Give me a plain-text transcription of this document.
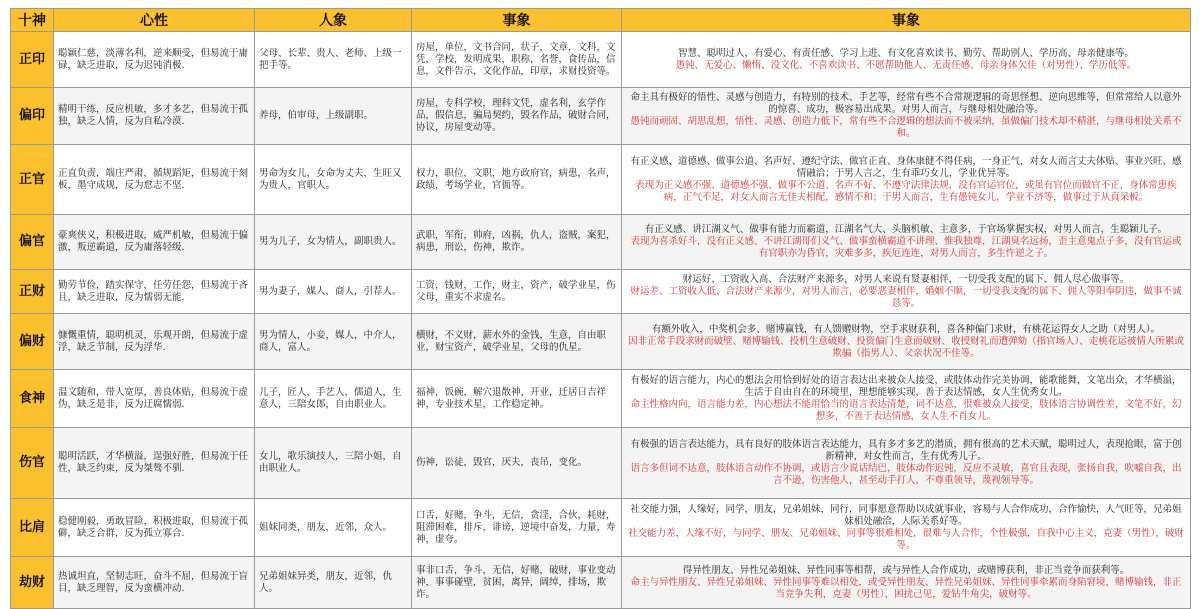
十神	心性	人象	事象	事象
正印	聪颖仁慈，淡薄名利，逆来顺受，但易流于庸碌，缺乏进取，反为迟钝消极.	父母、长辈、贵人、老师、上级一把手等。	房屋，单位，文书合同，状子，文章，文科，文凭，学校，发明成果，职称，名誉，食传品，信息，文件告示，文化作品，印章，求财投资等。	智慧、聪明过人，有爱心、有责任感、学习上进、有文化喜欢读书、勤劳、帮助别人、学历高、母亲健康等。
愚钝、无爱心、懒惰、没文化、不喜欢读书、不愿帮助他人、无责任感、母亲身体欠佳（对男性）、学历低等。

偏印	精明干练，反应机敏，多才多艺，但易流于孤独，缺乏人情，反为自私冷漠.	养母，伯审母，上级副职。	房屋，专科学校，理科文凭，虚名利，玄学作品，假信息，骗局契约，毁名作品，破财合同，协议，房屋变动等。	命主具有极好的悟性、灵感与创造力，有特别的技术、手艺等，经常有些不合常规逻辑的奇思怪想、逆向思维等，但常常给人以意外的惊喜、成功，极容易出成果。对男人而言，与继母相处融洽等。
愚钝而顽固、胡思乱想，悟性、灵感、创造力低下，常有些不合逻辑的想法而不被采纳，虽做偏门技术却不精湛，与继母相处关系不和。

正官	正直负责，端庄严肃，循规蹈矩，但易流于刻板，墨守成规，反为怠志不坚.	男命为女儿，女命为丈夫，生旺又为贵人，官职人。	权力，职位，文职，地方政府官，病患，名声，政绩，考场学业，官衙等。	有正义感、道德感、做事公道、名声好、遵纪守法、做官正直、身体康健不得任病，一身正气，对女人而言丈夫体贴、事业兴旺、感情融洽；于男人言之，生有乖巧女儿，学业优异等。
表现为正义感不强、道德感不强、做事不公道、名声不好、不遵守法律法规，没有官运官位，或虽有官位而做官不正，身体常患疾病，正气不足，对女人而言无佳夫相配，感情不和；于男人而言，生有愚钝女儿，学业不济等，做事过于从真呆板。

偏官	豪爽侠义，积极进取，威严机敏，但易流于偏激，叛逆霸道，反为庸落轻级.	男为儿子，女为情人，副职贵人。	武职，军衔，帅府，凶祸，仇人，盗贼，案犯，病患，刑讼，伤神，欺诈。	有正义感、讲江湖义气、做事有能力而霸道，江湖名气大、头脑机敏、主意多，于官场掌握实权，对男人而言，生聪颖儿子。
表现为喜杀好斗，没有正义感、不讲江湖哥们义气、做事蛮横霸道不讲理、惟我独尊，江湖臭名远扬，歪主意鬼点子多，没有官运或有官职亦为昏官，灾难多多，疾厄连连，对男人而言，多生忤逆之子。

正财	勤劳节俭，踏实保守，任劳任怨，但易流于吝且，缺乏进取，反为懦弱无能.	男为妻子，媒人，商人，引荐人。	工资，钱财，工作，财主，资产，破学业星，伤父母，重实不求虚名。	财运好、工资收入高、合法财产来源多，对男人来说有贤妻相伴，一切受我支配的属下、佣人尽心做事等。
财运差、工资收入低、合法财产来源少，对男人而言，必要恶妻相伴，婚姻不顺，一切受我支配的属下、佣人等阳奉阴违，做事不诚恳等。

偏财	慷慨重情，聪明机灵，乐观开朗，但易流于虚浮，缺乏节制，反为浮华.	男为情人，小妾，媒人，中介人，商人，富人。	横财，不义财，薪水外的金钱，生意，自由职业，财宝资产，破学业星，父母的仇星。	有额外收入，中奖机会多、赌博赢钱，有人馈赠财物，空手求财获利，喜各种偏门求财，有桃花运得女人之助（对男人）。
因非正常手段求财而破壁、赌博输钱、投机生意破财、投资偏门生意而破财、收授财礼而遭弹劾（指官场人）、走桃花运被情人所累或欺骗（指男人）、父亲状况不佳等。

食神	温文随和，带人宽厚，善良体贴，但易流于虚伪，缺乏是非，反为迂腐懦弱.	儿子，匠人，手艺人，儒道人，生意人，三陪女郎，自由职业人。	福神，饭碗，解穴退散神，开业，迁居日吉祥神，专业技术星，工作稳定神。	有极好的语言能力，内心的想法会用恰到好处的语言表达出来被众人接受，或肢体动作完美协调，能歌能舞，文笔出众，才华横溢，生活于自由自在的环境里，理想能够实现，善于表达情感，女人生优秀女儿。
命主性格内向，语言能力差，内心想法不能用恰当的语言表达清楚，词不达意，很难被众人接受，肢体语言协调性差，文笔不好，幻想多，不善于表达情感，女人生不肖女儿。

伤官	聪明活跃，才华横溢，逞强好胜，但易流于任性，缺乏约束，反为桀骜不驯.	女儿，歌乐演技人，三陪小姐，自由职业人。	伤神，讼徒，毁官，厌夫，丧吊，变化。	有极强的语言表达能力，具有良好的肢体语言表达能力，具有多才多艺的潜质，拥有很高的艺术天赋，聪明过人，表现抢眼，富于创新精神，对女性而言，生有优秀儿子。
语言多但词不达意，肢体语言动作不协调，或语言少说话结巴，肢体动作迟钝，反应不灵敏，喜官且表现，张扬自我，吹嘘自我，出言不逊，伤害他人，甚至动手打人，不尊重领导，蔑视领导等。

比肩	稳健刚毅，勇敢冒险，积极进取，但易流于孤僻，缺乏合群，反为孤立寡合.	姐妹同类，朋友，近邻，众人。	口舌，好赌，争斗，无信，贪淫，合伙，耗财，阻滞困难，排斥，诽谤，逆境中奋发，力量，寿神，虚夸。	社交能力强，人缘好，同学，朋友，兄弟姐妹，同行，同事愿意帮助以成就事业，容易与人合作成功，合作愉快，人气旺等，兄弟姐妹相处融洽，人际关系好等。
社交能力差，人缘不好，与同学、朋友、兄弟姐妹、同事等很难相处，很难与人合作，个性极强，自我中心主义，克妻（男性），破财等。

劫财	热诚坦直，坚韧志旺，奋斗不屈，但易流于盲目，缺乏理智，反为蛮横冲动.	兄弟姐妹异类，朋友，近邻，仇人。	事非口舌，争斗，无信，好赌，破财，事业变动神，事事碰壁，贫困，离异，阔绰，排场，欺诈。	得异性朋友、异性兄弟姐妹、异性同事等相帮，或与异性人合作成功，或赌博获利，非正当竞争而获利等。
命主与异性朋友、异性兄弟姐妹、异性同事等难以相处，或受异性朋友、异性兄弟姐妹、异性同事牵累而身陷窘境，赌博输钱，非正当竞争失利，克妻（男性），困扰己见，爱钻牛角尖，破财等。
